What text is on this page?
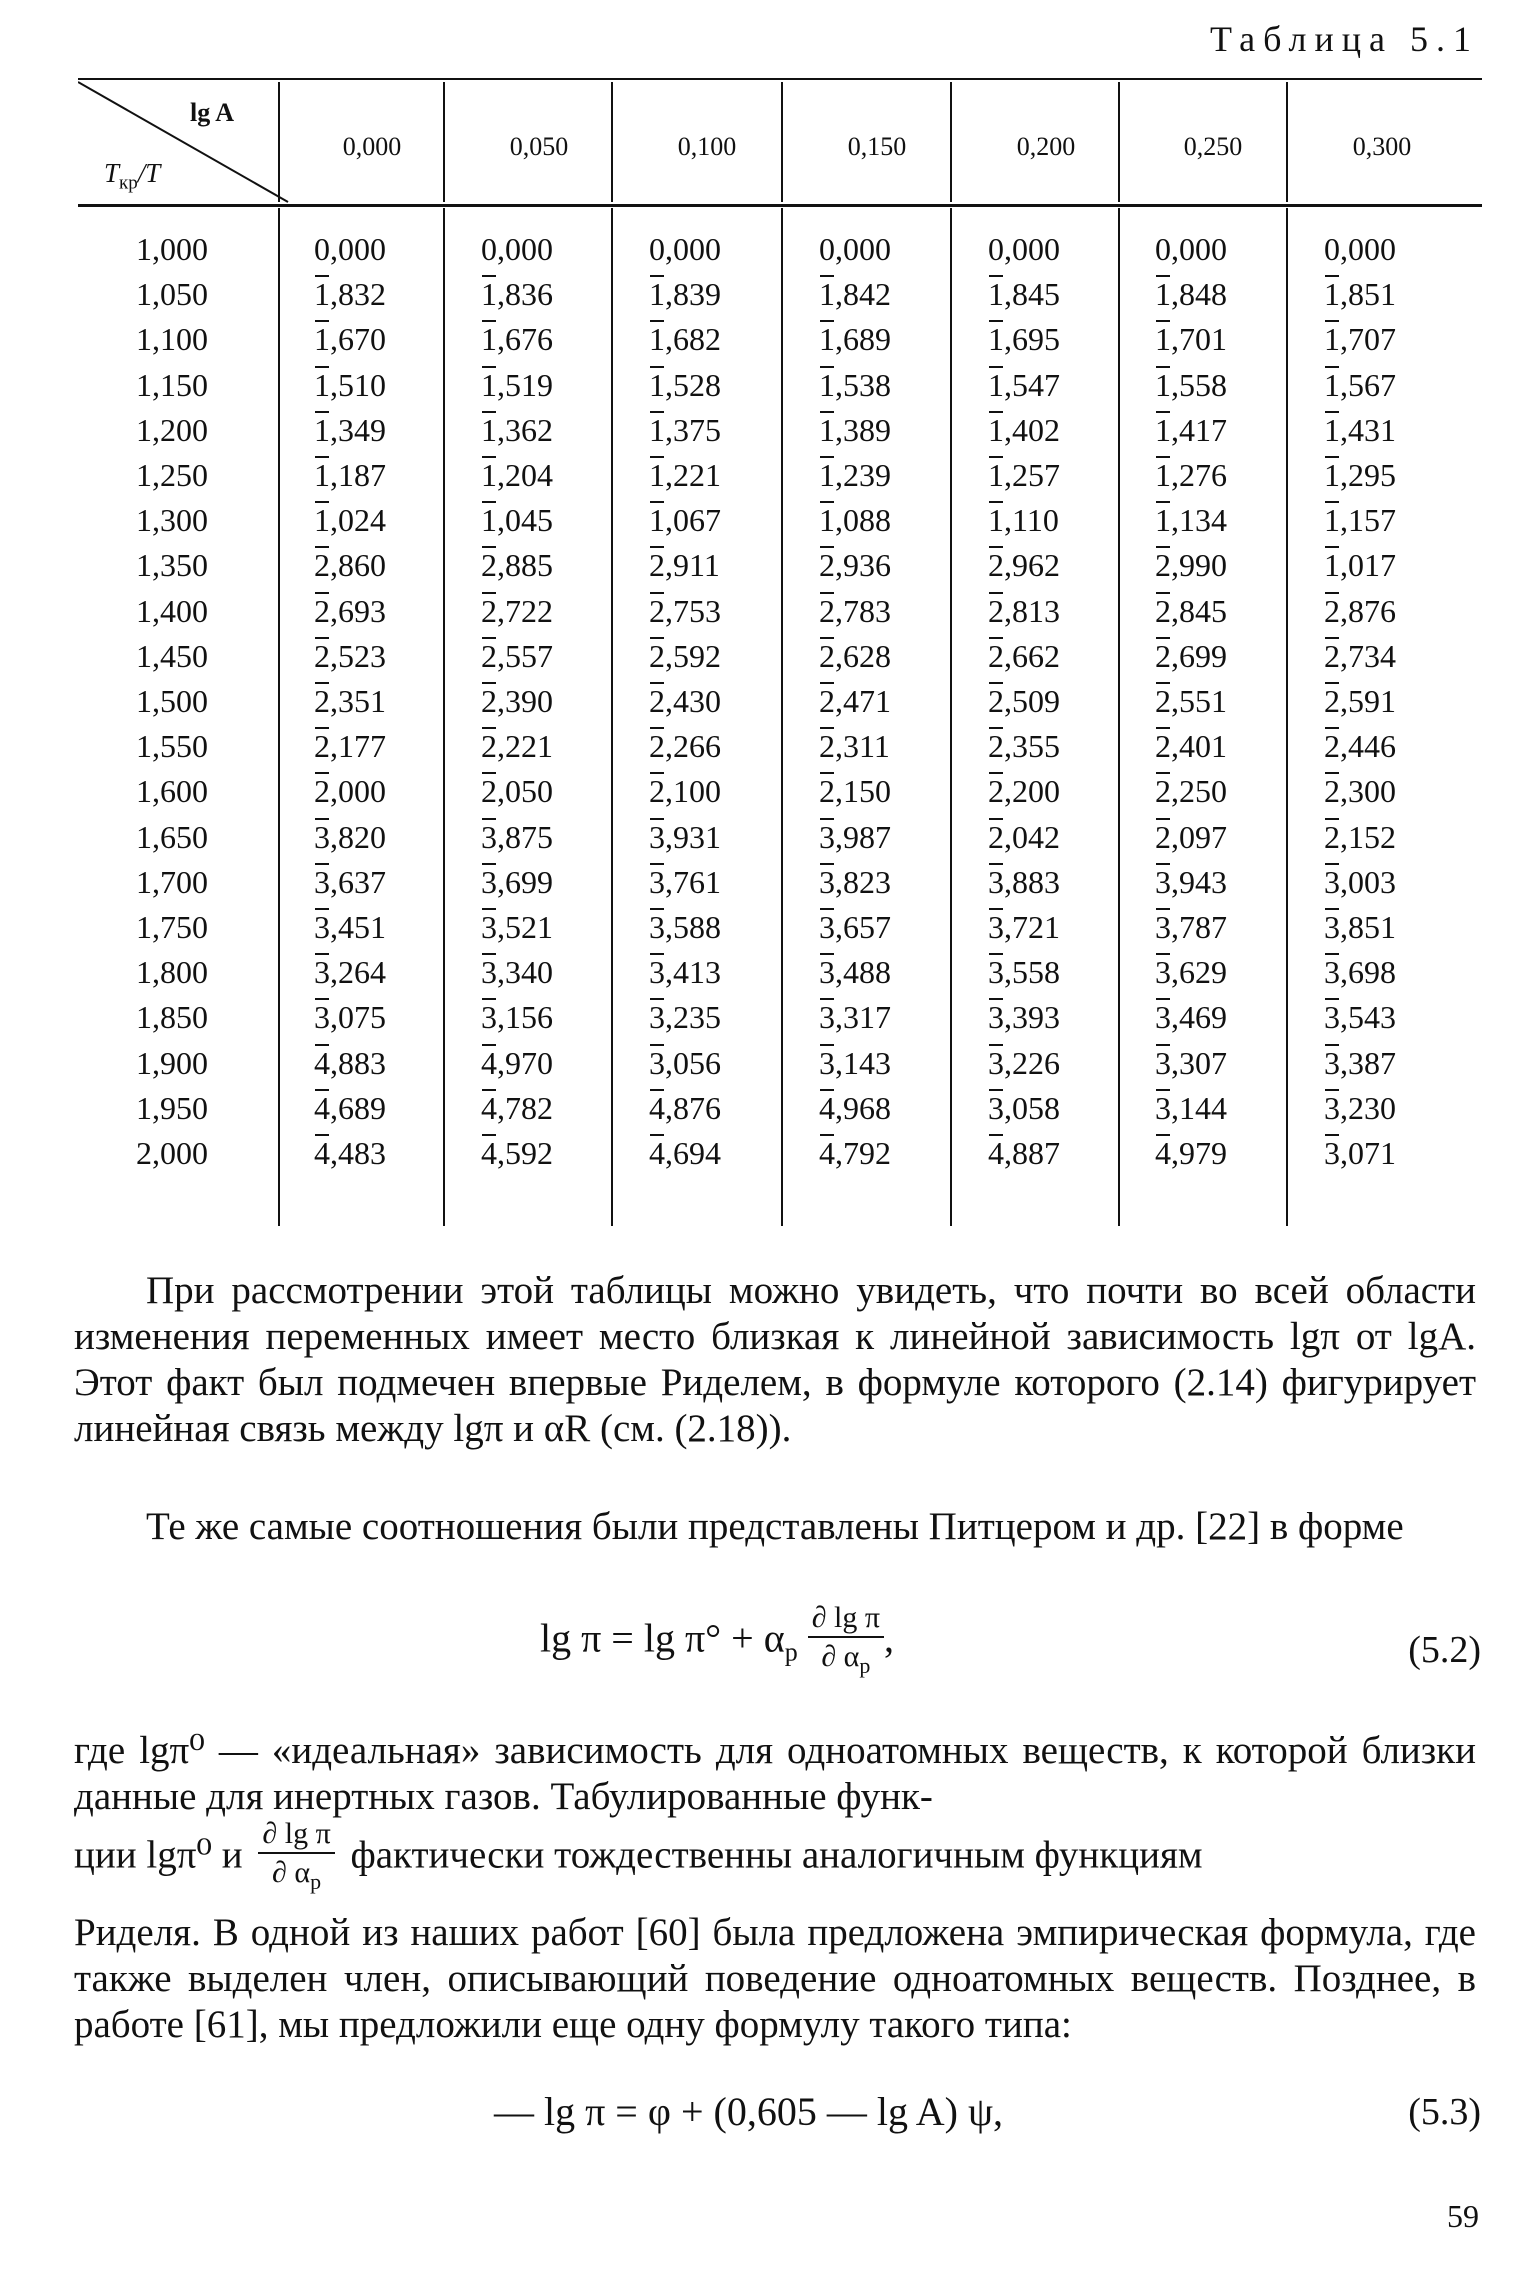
Таблица 5.1
lg A
$T_{кр}/T$
0,000	0,050	0,100	0,150	0,200	0,250	0,300
1,000	0,000	0,000	0,000	0,000	0,000	0,000	0,000
1,050	1,832	1,836	1,839	1,842	1,845	1,848	1,851
1,100	1,670	1,676	1,682	1,689	1,695	1,701	1,707
1,150	1,510	1,519	1,528	1,538	1,547	1,558	1,567
1,200	1,349	1,362	1,375	1,389	1,402	1,417	1,431
1,250	1,187	1,204	1,221	1,239	1,257	1,276	1,295
1,300	1,024	1,045	1,067	1,088	1,110	1,134	1,157
1,350	2,860	2,885	2,911	2,936	2,962	2,990	1,017
1,400	2,693	2,722	2,753	2,783	2,813	2,845	2,876
1,450	2,523	2,557	2,592	2,628	2,662	2,699	2,734
1,500	2,351	2,390	2,430	2,471	2,509	2,551	2,591
1,550	2,177	2,221	2,266	2,311	2,355	2,401	2,446
1,600	2,000	2,050	2,100	2,150	2,200	2,250	2,300
1,650	3,820	3,875	3,931	3,987	2,042	2,097	2,152
1,700	3,637	3,699	3,761	3,823	3,883	3,943	3,003
1,750	3,451	3,521	3,588	3,657	3,721	3,787	3,851
1,800	3,264	3,340	3,413	3,488	3,558	3,629	3,698
1,850	3,075	3,156	3,235	3,317	3,393	3,469	3,543
1,900	4,883	4,970	3,056	3,143	3,226	3,307	3,387
1,950	4,689	4,782	4,876	4,968	3,058	3,144	3,230
2,000	4,483	4,592	4,694	4,792	4,887	4,979	3,071
При рассмотрении этой таблицы можно увидеть, что почти во всей области изменения переменных имеет место близкая к линейной зависимость lgπ от lgA. Этот факт был подмечен впервые Риделем, в формуле которого (2.14) фигурирует линейная связь между lgπ и αR (см. (2.18)).
Те же самые соотношения были представлены Питцером и др. [22] в форме
$\lg \pi = \lg \pi^\circ + \alpha_p \frac{\text{∂ lg π}}{\partial \alpha_p}$ ,	(5.2)
где lgπ⁰ — «идеальная» зависимость для одноатомных веществ, к которой близки данные для инертных газов. Табулированные функ-
ции lgπ⁰ и $\frac{\text{∂ lg π}}{\partial \alpha_p}$ фактически тождественны аналогичным функциям
Риделя. В одной из наших работ [60] была предложена эмпирическая формула, где также выделен член, описывающий поведение одноатомных веществ. Позднее, в работе [61], мы предложили еще одну формулу такого типа:
— lg π = φ + (0,605 — lg A) ψ,	(5.3)
59
